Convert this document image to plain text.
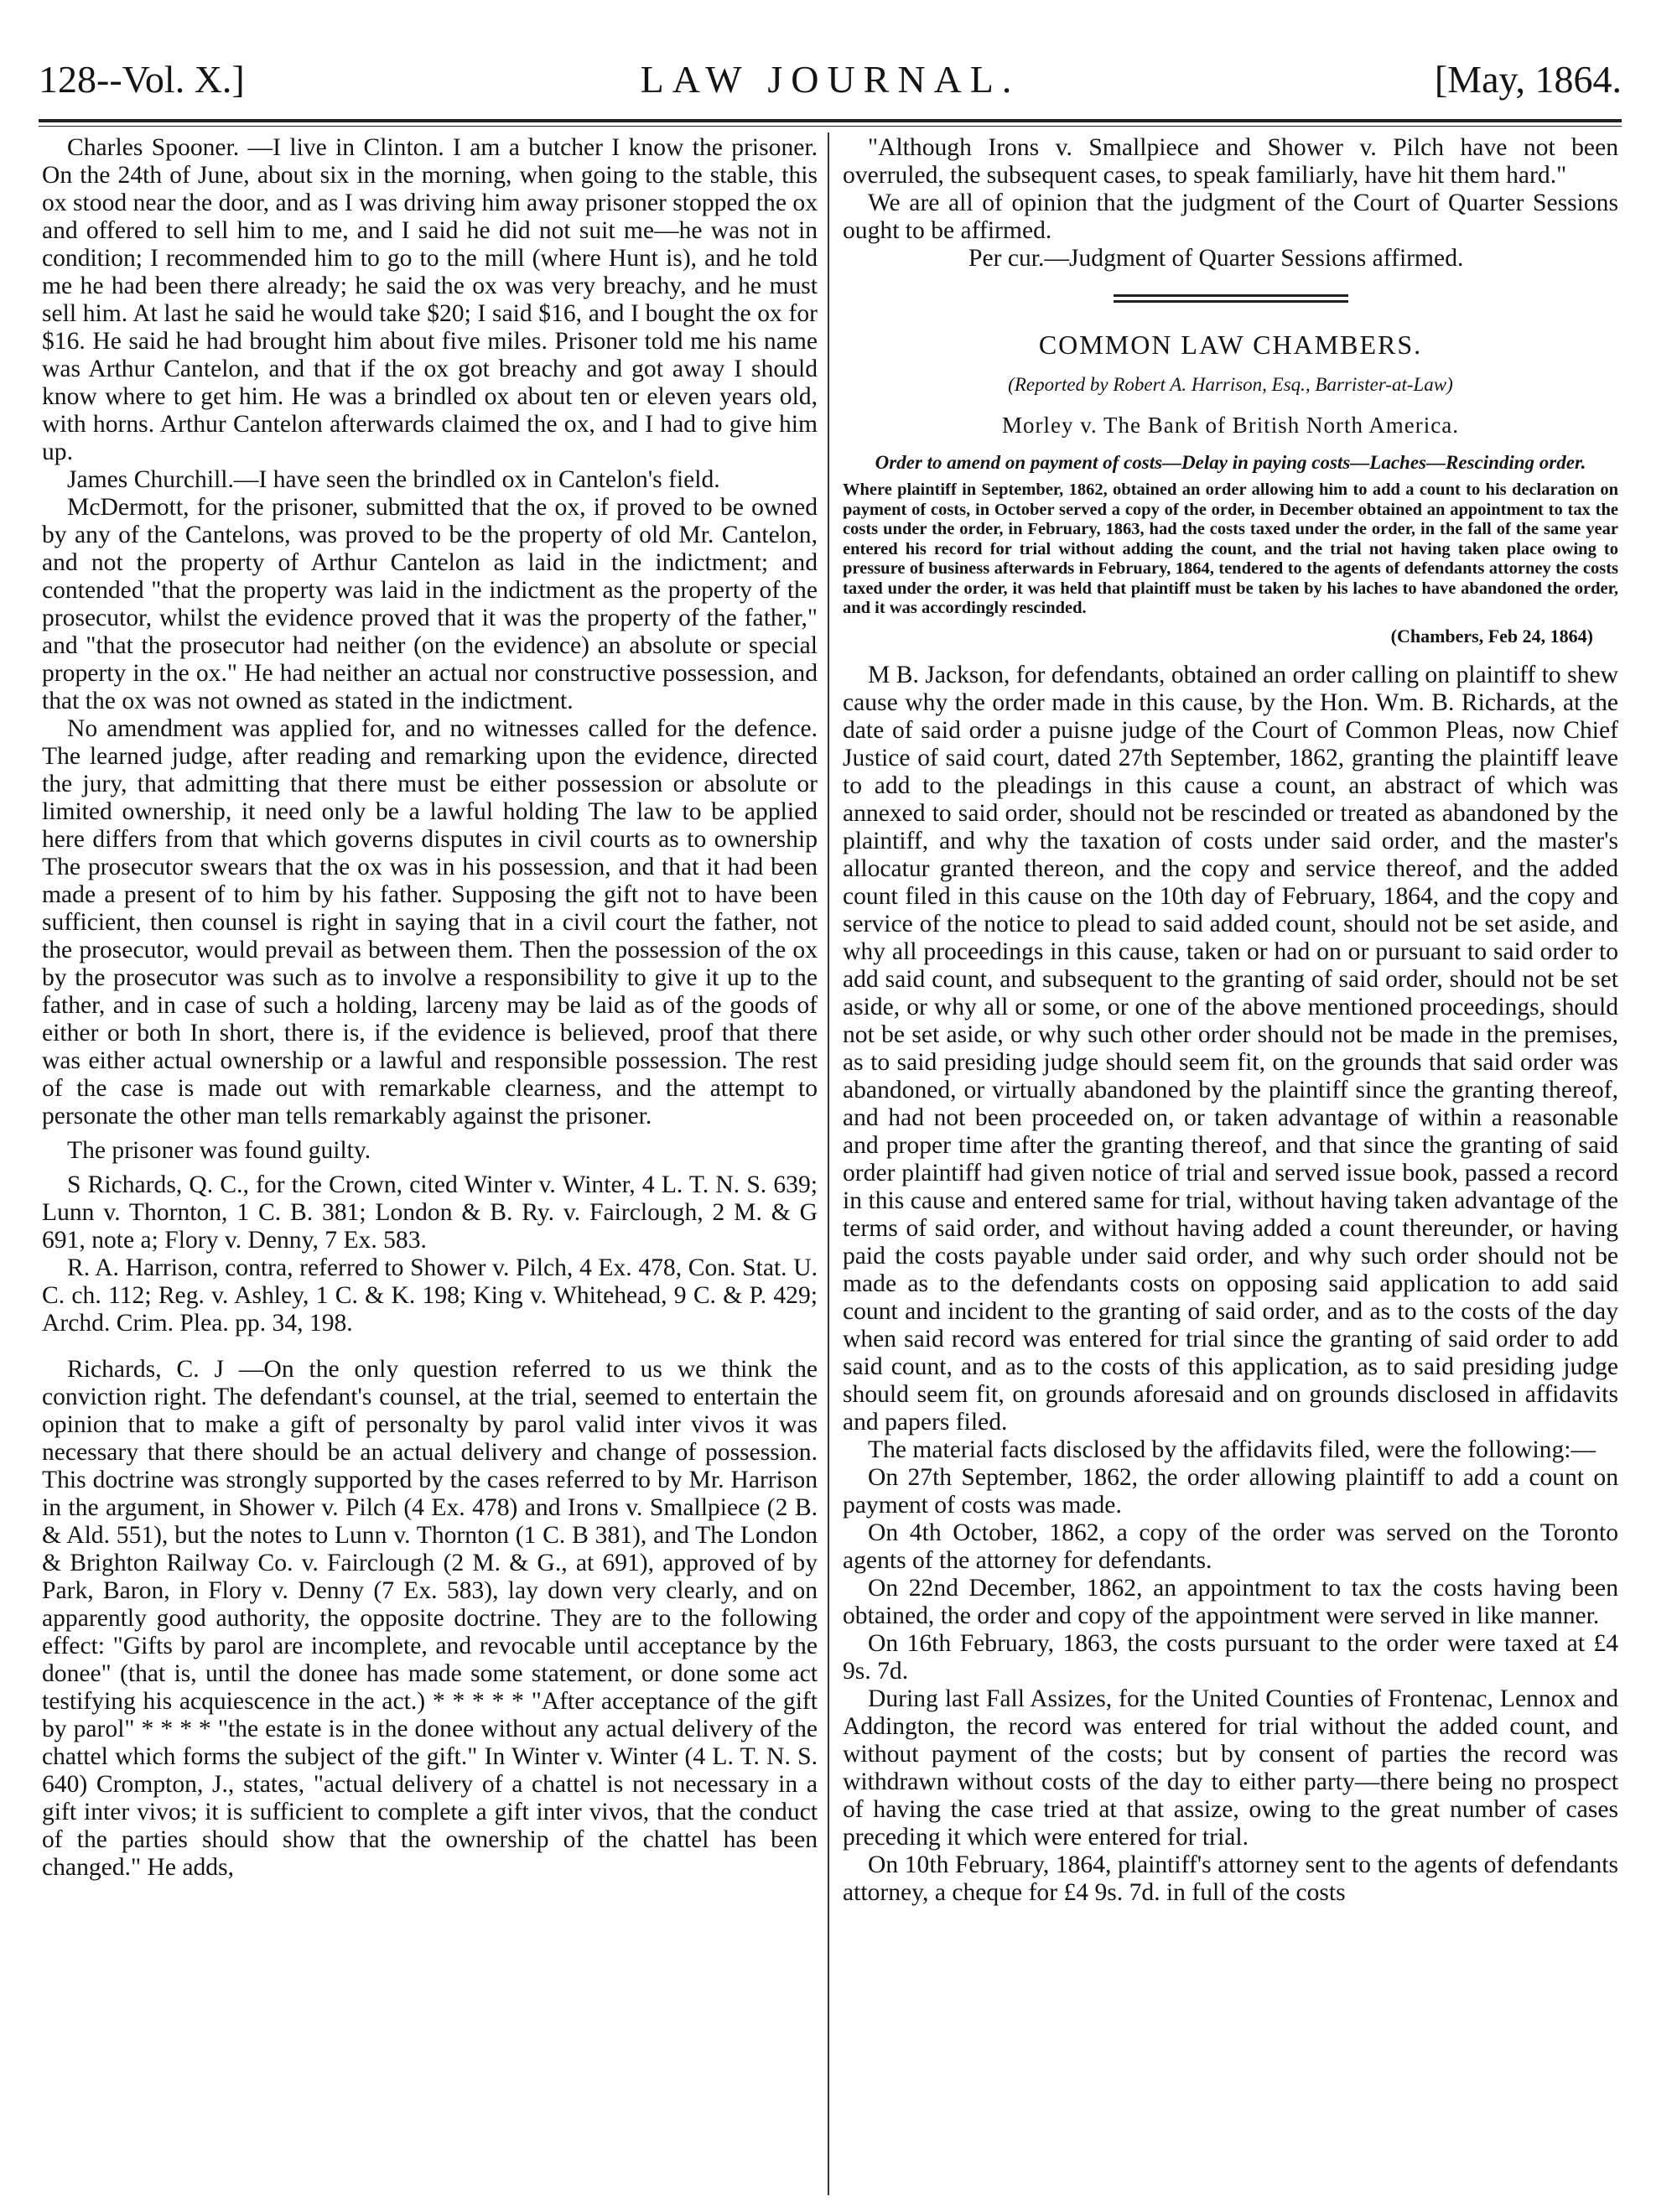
128--Vol. X.]	LAW JOURNAL.	[May, 1864.

Charles Spooner. —I live in Clinton. I am a butcher I know the prisoner. On the 24th of June, about six in the morning, when going to the stable, this ox stood near the door, and as I was driving him away prisoner stopped the ox and offered to sell him to me, and I said he did not suit me—he was not in condition; I recommended him to go to the mill (where Hunt is), and he told me he had been there already; he said the ox was very breachy, and he must sell him. At last he said he would take $20; I said $16, and I bought the ox for $16. He said he had brought him about five miles. Prisoner told me his name was Arthur Cantelon, and that if the ox got breachy and got away I should know where to get him. He was a brindled ox about ten or eleven years old, with horns. Arthur Cantelon afterwards claimed the ox, and I had to give him up.

James Churchill.—I have seen the brindled ox in Cantelon's field.

McDermott, for the prisoner, submitted that the ox, if proved to be owned by any of the Cantelons, was proved to be the property of old Mr. Cantelon, and not the property of Arthur Cantelon as laid in the indictment; and contended "that the property was laid in the indictment as the property of the prosecutor, whilst the evidence proved that it was the property of the father," and "that the prosecutor had neither (on the evidence) an absolute or special property in the ox." He had neither an actual nor constructive possession, and that the ox was not owned as stated in the indictment.

No amendment was applied for, and no witnesses called for the defence. The learned judge, after reading and remarking upon the evidence, directed the jury, that admitting that there must be either possession or absolute or limited ownership, it need only be a lawful holding The law to be applied here differs from that which governs disputes in civil courts as to ownership The prosecutor swears that the ox was in his possession, and that it had been made a present of to him by his father. Supposing the gift not to have been sufficient, then counsel is right in saying that in a civil court the father, not the prosecutor, would prevail as between them. Then the possession of the ox by the prosecutor was such as to involve a responsibility to give it up to the father, and in case of such a holding, larceny may be laid as of the goods of either or both In short, there is, if the evidence is believed, proof that there was either actual ownership or a lawful and responsible possession. The rest of the case is made out with remarkable clearness, and the attempt to personate the other man tells remarkably against the prisoner.

The prisoner was found guilty.

S Richards, Q. C., for the Crown, cited Winter v. Winter, 4 L. T. N. S. 639; Lunn v. Thornton, 1 C. B. 381; London & B. Ry. v. Fairclough, 2 M. & G 691, note a; Flory v. Denny, 7 Ex. 583.

R. A. Harrison, contra, referred to Shower v. Pilch, 4 Ex. 478, Con. Stat. U. C. ch. 112; Reg. v. Ashley, 1 C. & K. 198; King v. Whitehead, 9 C. & P. 429; Archd. Crim. Plea. pp. 34, 198.

Richards, C. J —On the only question referred to us we think the conviction right. The defendant's counsel, at the trial, seemed to entertain the opinion that to make a gift of personalty by parol valid inter vivos it was necessary that there should be an actual delivery and change of possession. This doctrine was strongly supported by the cases referred to by Mr. Harrison in the argument, in Shower v. Pilch (4 Ex. 478) and Irons v. Smallpiece (2 B. & Ald. 551), but the notes to Lunn v. Thornton (1 C. B 381), and The London & Brighton Railway Co. v. Fairclough (2 M. & G., at 691), approved of by Park, Baron, in Flory v. Denny (7 Ex. 583), lay down very clearly, and on apparently good authority, the opposite doctrine. They are to the following effect: "Gifts by parol are incomplete, and revocable until acceptance by the donee" (that is, until the donee has made some statement, or done some act testifying his acquiescence in the act.) * * * * * "After acceptance of the gift by parol" * * * * "the estate is in the donee without any actual delivery of the chattel which forms the subject of the gift." In Winter v. Winter (4 L. T. N. S. 640) Crompton, J., states, "actual delivery of a chattel is not necessary in a gift inter vivos; it is sufficient to complete a gift inter vivos, that the conduct of the parties should show that the ownership of the chattel has been changed." He adds,

"Although Irons v. Smallpiece and Shower v. Pilch have not been overruled, the subsequent cases, to speak familiarly, have hit them hard."

We are all of opinion that the judgment of the Court of Quarter Sessions ought to be affirmed.

Per cur.—Judgment of Quarter Sessions affirmed.

COMMON LAW CHAMBERS.
(Reported by Robert A. Harrison, Esq., Barrister-at-Law)
Morley v. The Bank of British North America.
Order to amend on payment of costs—Delay in paying costs—Laches—Rescinding order.
Where plaintiff in September, 1862, obtained an order allowing him to add a count to his declaration on payment of costs, in October served a copy of the order, in December obtained an appointment to tax the costs under the order, in February, 1863, had the costs taxed under the order, in the fall of the same year entered his record for trial without adding the count, and the trial not having taken place owing to pressure of business afterwards in February, 1864, tendered to the agents of defendants attorney the costs taxed under the order, it was held that plaintiff must be taken by his laches to have abandoned the order, and it was accordingly rescinded.
(Chambers, Feb 24, 1864)

M B. Jackson, for defendants, obtained an order calling on plaintiff to shew cause why the order made in this cause, by the Hon. Wm. B. Richards, at the date of said order a puisne judge of the Court of Common Pleas, now Chief Justice of said court, dated 27th September, 1862, granting the plaintiff leave to add to the pleadings in this cause a count, an abstract of which was annexed to said order, should not be rescinded or treated as abandoned by the plaintiff, and why the taxation of costs under said order, and the master's allocatur granted thereon, and the copy and service thereof, and the added count filed in this cause on the 10th day of February, 1864, and the copy and service of the notice to plead to said added count, should not be set aside, and why all proceedings in this cause, taken or had on or pursuant to said order to add said count, and subsequent to the granting of said order, should not be set aside, or why all or some, or one of the above mentioned proceedings, should not be set aside, or why such other order should not be made in the premises, as to said presiding judge should seem fit, on the grounds that said order was abandoned, or virtually abandoned by the plaintiff since the granting thereof, and had not been proceeded on, or taken advantage of within a reasonable and proper time after the granting thereof, and that since the granting of said order plaintiff had given notice of trial and served issue book, passed a record in this cause and entered same for trial, without having taken advantage of the terms of said order, and without having added a count thereunder, or having paid the costs payable under said order, and why such order should not be made as to the defendants costs on opposing said application to add said count and incident to the granting of said order, and as to the costs of the day when said record was entered for trial since the granting of said order to add said count, and as to the costs of this application, as to said presiding judge should seem fit, on grounds aforesaid and on grounds disclosed in affidavits and papers filed.

The material facts disclosed by the affidavits filed, were the following:—

On 27th September, 1862, the order allowing plaintiff to add a count on payment of costs was made.

On 4th October, 1862, a copy of the order was served on the Toronto agents of the attorney for defendants.

On 22nd December, 1862, an appointment to tax the costs having been obtained, the order and copy of the appointment were served in like manner.

On 16th February, 1863, the costs pursuant to the order were taxed at £4 9s. 7d.

During last Fall Assizes, for the United Counties of Frontenac, Lennox and Addington, the record was entered for trial without the added count, and without payment of the costs; but by consent of parties the record was withdrawn without costs of the day to either party—there being no prospect of having the case tried at that assize, owing to the great number of cases preceding it which were entered for trial.

On 10th February, 1864, plaintiff's attorney sent to the agents of defendants attorney, a cheque for £4 9s. 7d. in full of the costs
